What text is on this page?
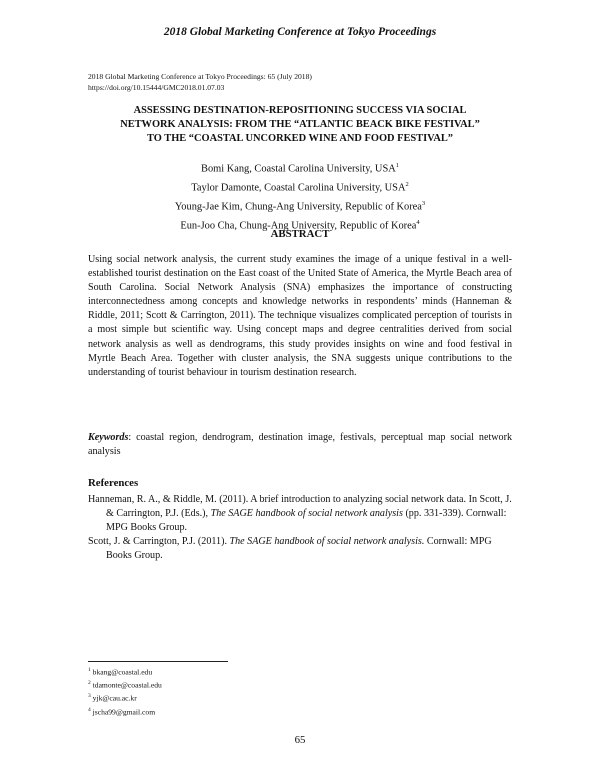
2018 Global Marketing Conference at Tokyo Proceedings
2018 Global Marketing Conference at Tokyo Proceedings: 65 (July 2018)
https://doi.org/10.15444/GMC2018.01.07.03
ASSESSING DESTINATION-REPOSITIONING SUCCESS VIA SOCIAL
NETWORK ANALYSIS: FROM THE “ATLANTIC BEACK BIKE FESTIVAL”
TO THE “COASTAL UNCORKED WINE AND FOOD FESTIVAL”
Bomi Kang, Coastal Carolina University, USA$^1$
Taylor Damonte, Coastal Carolina University, USA$^2$
Young-Jae Kim, Chung-Ang University, Republic of Korea$^3$
Eun-Joo Cha, Chung-Ang University, Republic of Korea$^4$
ABSTRACT

Using social network analysis, the current study examines the image of a unique festival in a well-established tourist destination on the East coast of the United State of America, the Myrtle Beach area of South Carolina. Social Network Analysis (SNA) emphasizes the importance of constructing interconnectedness among concepts and knowledge networks in respondents’ minds (Hanneman & Riddle, 2011; Scott & Carrington, 2011). The technique visualizes complicated perception of tourists in a most simple but scientific way. Using concept maps and degree centralities derived from social network analysis as well as dendrograms, this study provides insights on wine and food festival in Myrtle Beach Area. Together with cluster analysis, the SNA suggests unique contributions to the understanding of tourist behaviour in tourism destination research.

Keywords: coastal region, dendrogram, destination image, festivals, perceptual map social network analysis

References

Hanneman, R. A., & Riddle, M. (2011). A brief introduction to analyzing social network data. In Scott, J. & Carrington, P.J. (Eds.), The SAGE handbook of social network analysis (pp. 331-339). Cornwall: MPG Books Group.

Scott, J. & Carrington, P.J. (2011). The SAGE handbook of social network analysis. Cornwall: MPG Books Group.

$^1$ bkang@coastal.edu
$^2$ tdamonte@coastal.edu
$^3$ yjk@cau.ac.kr
$^4$ jscha99@gmail.com
65
